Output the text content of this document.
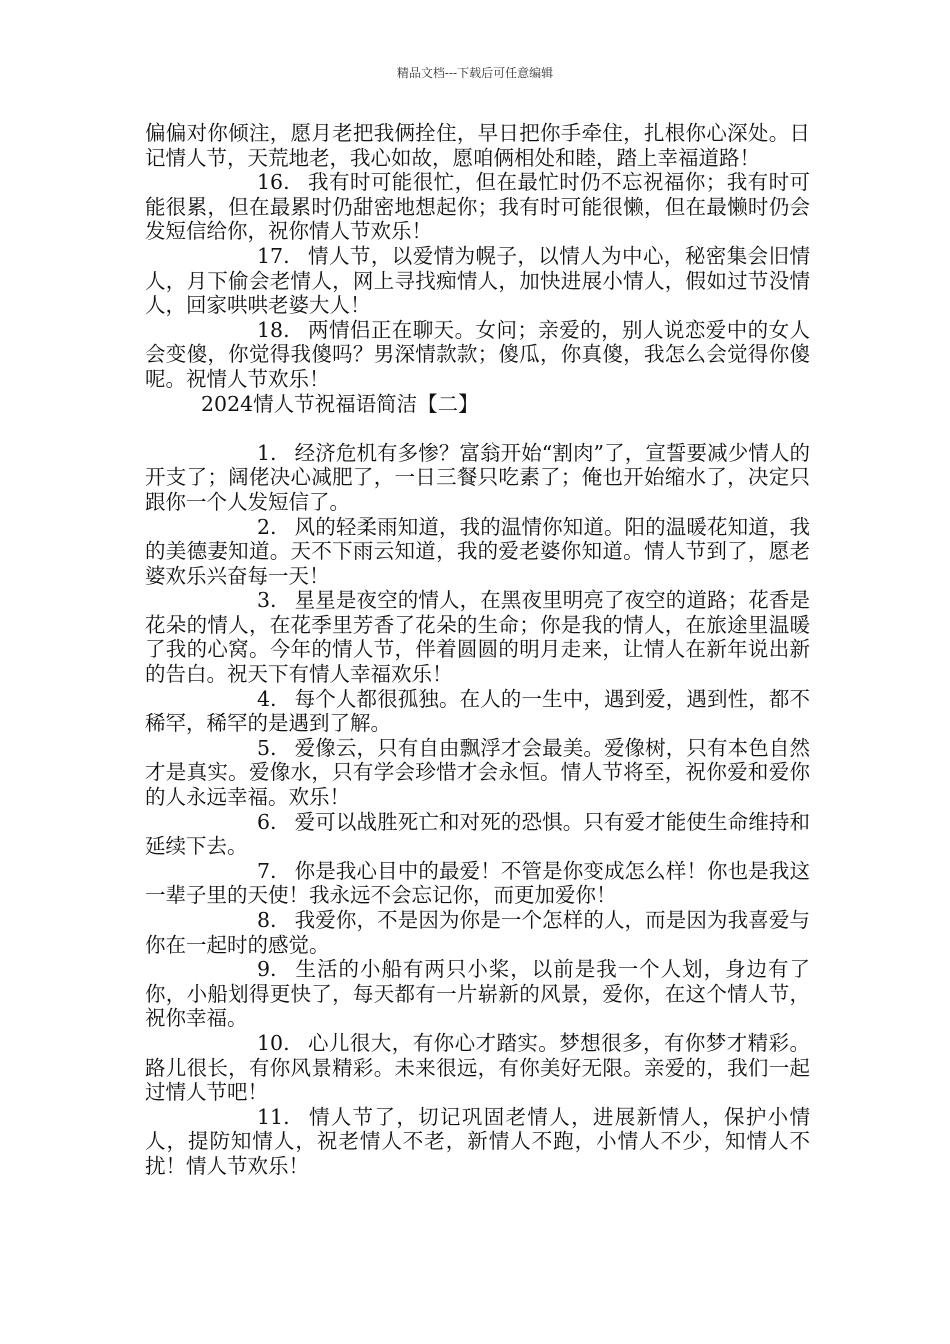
精品文档---下载后可任意编辑

偏偏对你倾注，愿月老把我俩拴住，早日把你手牵住，扎根你心深处。日记情人节，天荒地老，我心如故，愿咱俩相处和睦，踏上幸福道路！

16. 我有时可能很忙，但在最忙时仍不忘祝福你；我有时可能很累，但在最累时仍甜密地想起你；我有时可能很懒，但在最懒时仍会发短信给你，祝你情人节欢乐！

17. 情人节，以爱情为幌子，以情人为中心，秘密集会旧情人，月下偷会老情人，网上寻找痴情人，加快进展小情人，假如过节没情人，回家哄哄老婆大人！

18. 两情侣正在聊天。女问；亲爱的，别人说恋爱中的女人会变傻，你觉得我傻吗？男深情款款；傻瓜，你真傻，我怎么会觉得你傻呢。祝情人节欢乐！

2024情人节祝福语简洁【二】

1. 经济危机有多惨？富翁开始“割肉”了，宣誓要减少情人的开支了；阔佬决心减肥了，一日三餐只吃素了；俺也开始缩水了，决定只跟你一个人发短信了。

2. 风的轻柔雨知道，我的温情你知道。阳的温暖花知道，我的美德妻知道。天不下雨云知道，我的爱老婆你知道。情人节到了，愿老婆欢乐兴奋每一天！

3. 星星是夜空的情人，在黑夜里明亮了夜空的道路；花香是花朵的情人，在花季里芳香了花朵的生命；你是我的情人，在旅途里温暖了我的心窝。今年的情人节，伴着圆圆的明月走来，让情人在新年说出新的告白。祝天下有情人幸福欢乐！

4. 每个人都很孤独。在人的一生中，遇到爱，遇到性，都不稀罕，稀罕的是遇到了解。

5. 爱像云，只有自由飘浮才会最美。爱像树，只有本色自然才是真实。爱像水，只有学会珍惜才会永恒。情人节将至，祝你爱和爱你的人永远幸福。欢乐！

6. 爱可以战胜死亡和对死的恐惧。只有爱才能使生命维持和延续下去。

7. 你是我心目中的最爱！不管是你变成怎么样！你也是我这一辈子里的天使！我永远不会忘记你，而更加爱你！

8. 我爱你，不是因为你是一个怎样的人，而是因为我喜爱与你在一起时的感觉。

9. 生活的小船有两只小桨，以前是我一个人划，身边有了你，小船划得更快了，每天都有一片崭新的风景，爱你，在这个情人节，祝你幸福。

10. 心儿很大，有你心才踏实。梦想很多，有你梦才精彩。路儿很长，有你风景精彩。未来很远，有你美好无限。亲爱的，我们一起过情人节吧！

11. 情人节了，切记巩固老情人，进展新情人，保护小情人，提防知情人，祝老情人不老，新情人不跑，小情人不少，知情人不扰！情人节欢乐！
